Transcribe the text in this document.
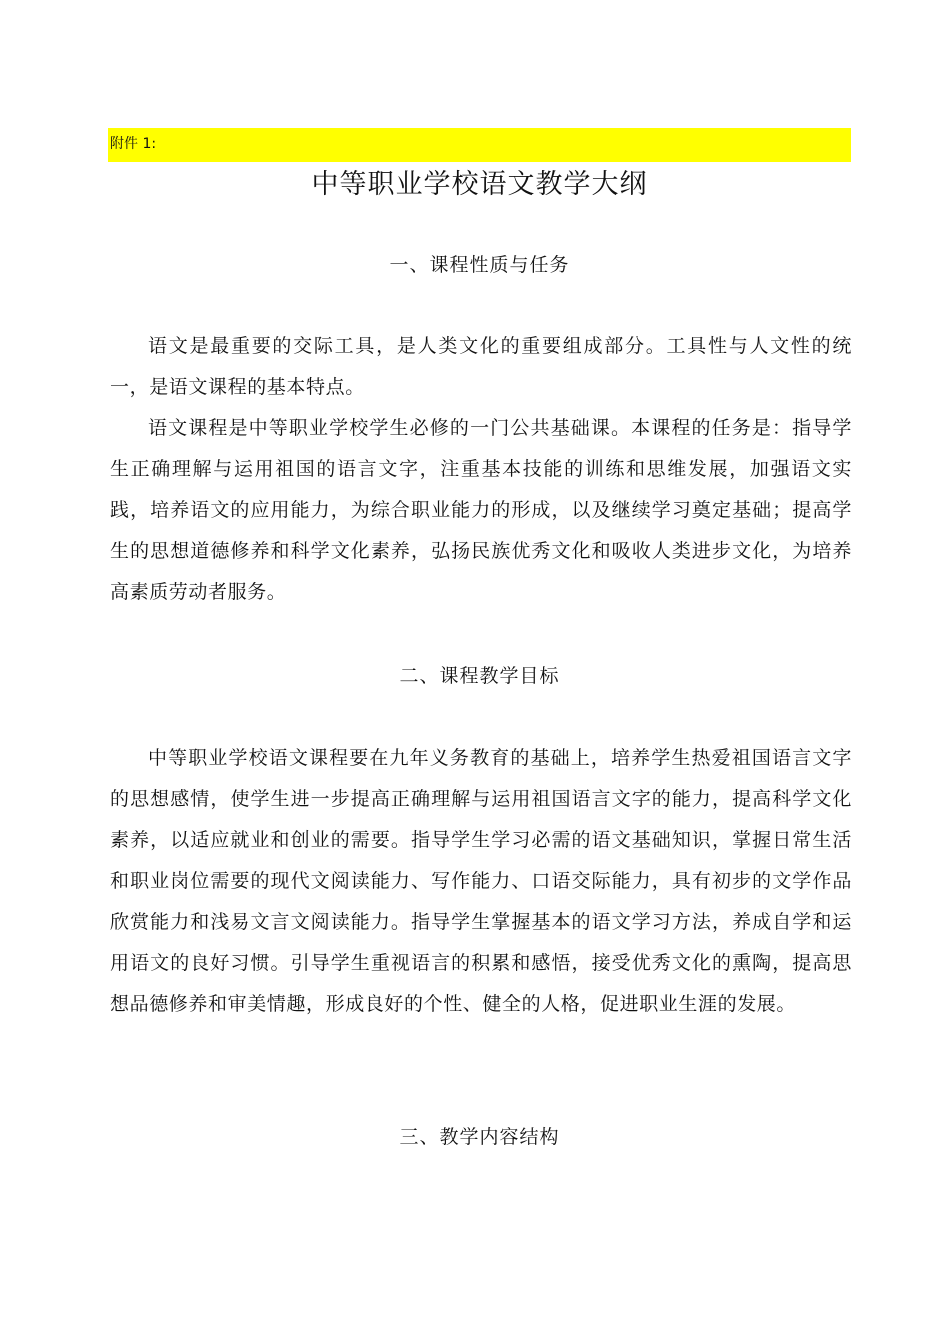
附件 1:
中等职业学校语文教学大纲
一、课程性质与任务

语文是最重要的交际工具，是人类文化的重要组成部分。工具性与人文性的统一，是语文课程的基本特点。

语文课程是中等职业学校学生必修的一门公共基础课。本课程的任务是：指导学生正确理解与运用祖国的语言文字，注重基本技能的训练和思维发展，加强语文实践，培养语文的应用能力，为综合职业能力的形成，以及继续学习奠定基础；提高学生的思想道德修养和科学文化素养，弘扬民族优秀文化和吸收人类进步文化，为培养高素质劳动者服务。

二、课程教学目标

中等职业学校语文课程要在九年义务教育的基础上，培养学生热爱祖国语言文字的思想感情，使学生进一步提高正确理解与运用祖国语言文字的能力，提高科学文化素养，以适应就业和创业的需要。指导学生学习必需的语文基础知识，掌握日常生活和职业岗位需要的现代文阅读能力、写作能力、口语交际能力，具有初步的文学作品欣赏能力和浅易文言文阅读能力。指导学生掌握基本的语文学习方法，养成自学和运用语文的良好习惯。引导学生重视语言的积累和感悟，接受优秀文化的熏陶，提高思想品德修养和审美情趣，形成良好的个性、健全的人格，促进职业生涯的发展。

三、教学内容结构
